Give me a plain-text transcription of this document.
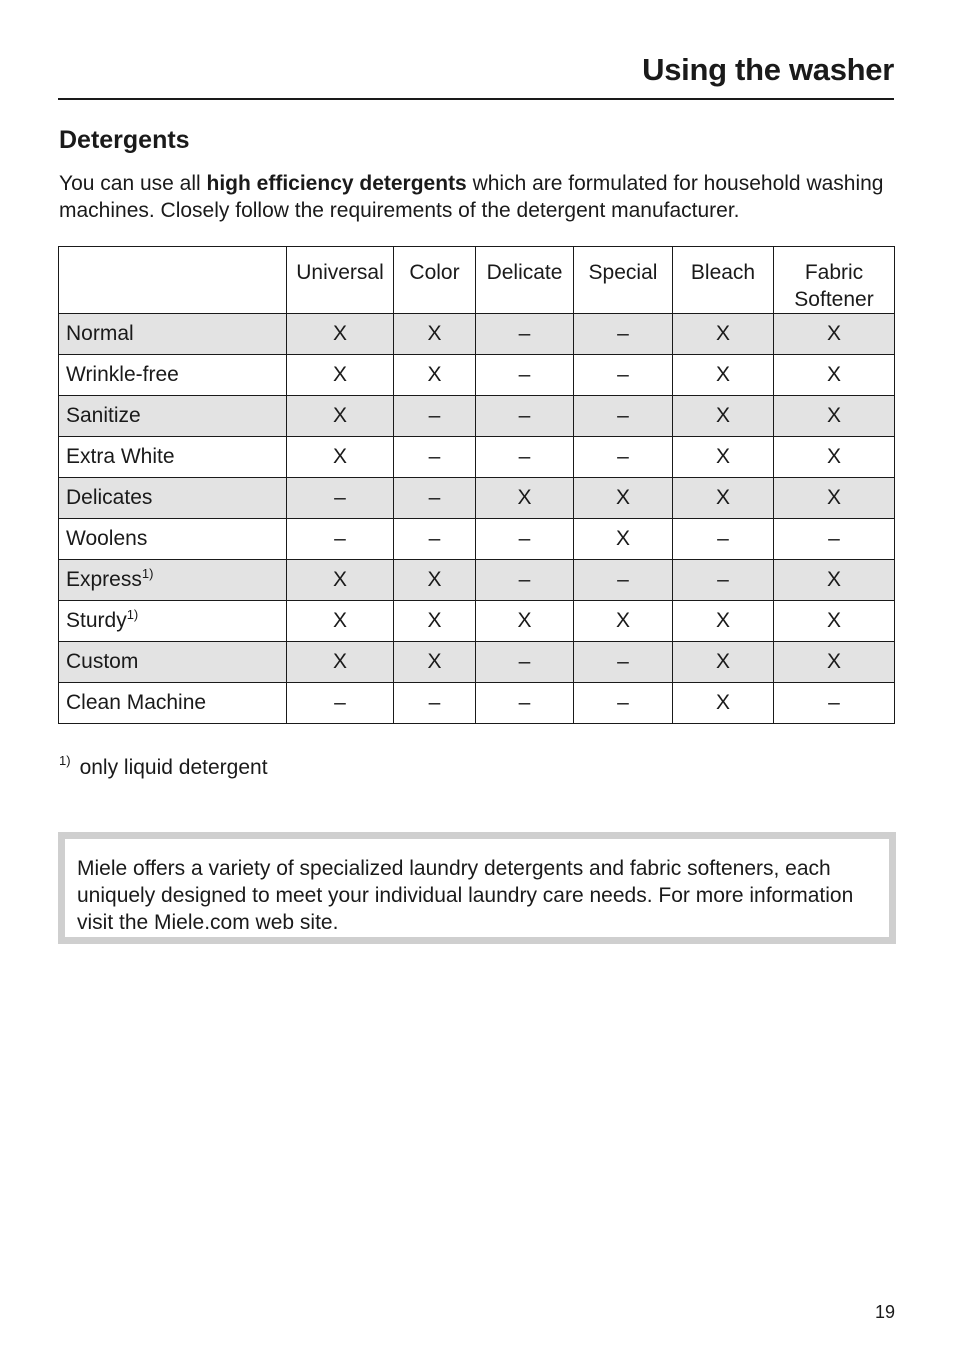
Using the washer
Detergents

You can use all high efficiency detergents which are formulated for household washing machines. Closely follow the requirements of the detergent manufacturer.

	Universal	Color	Delicate	Special	Bleach	Fabric Softener
Normal	X	X	–	–	X	X
Wrinkle-free	X	X	–	–	X	X
Sanitize	X	–	–	–	X	X
Extra White	X	–	–	–	X	X
Delicates	–	–	X	X	X	X
Woolens	–	–	–	X	–	–
Express$^{1)}$	X	X	–	–	–	X
Sturdy$^{1)}$	X	X	X	X	X	X
Custom	X	X	–	–	X	X
Clean Machine	–	–	–	–	X	–
$^{1)}$ only liquid detergent
Miele offers a variety of specialized laundry detergents and fabric softeners, each uniquely designed to meet your individual laundry care needs. For more information visit the Miele.com web site.
19
